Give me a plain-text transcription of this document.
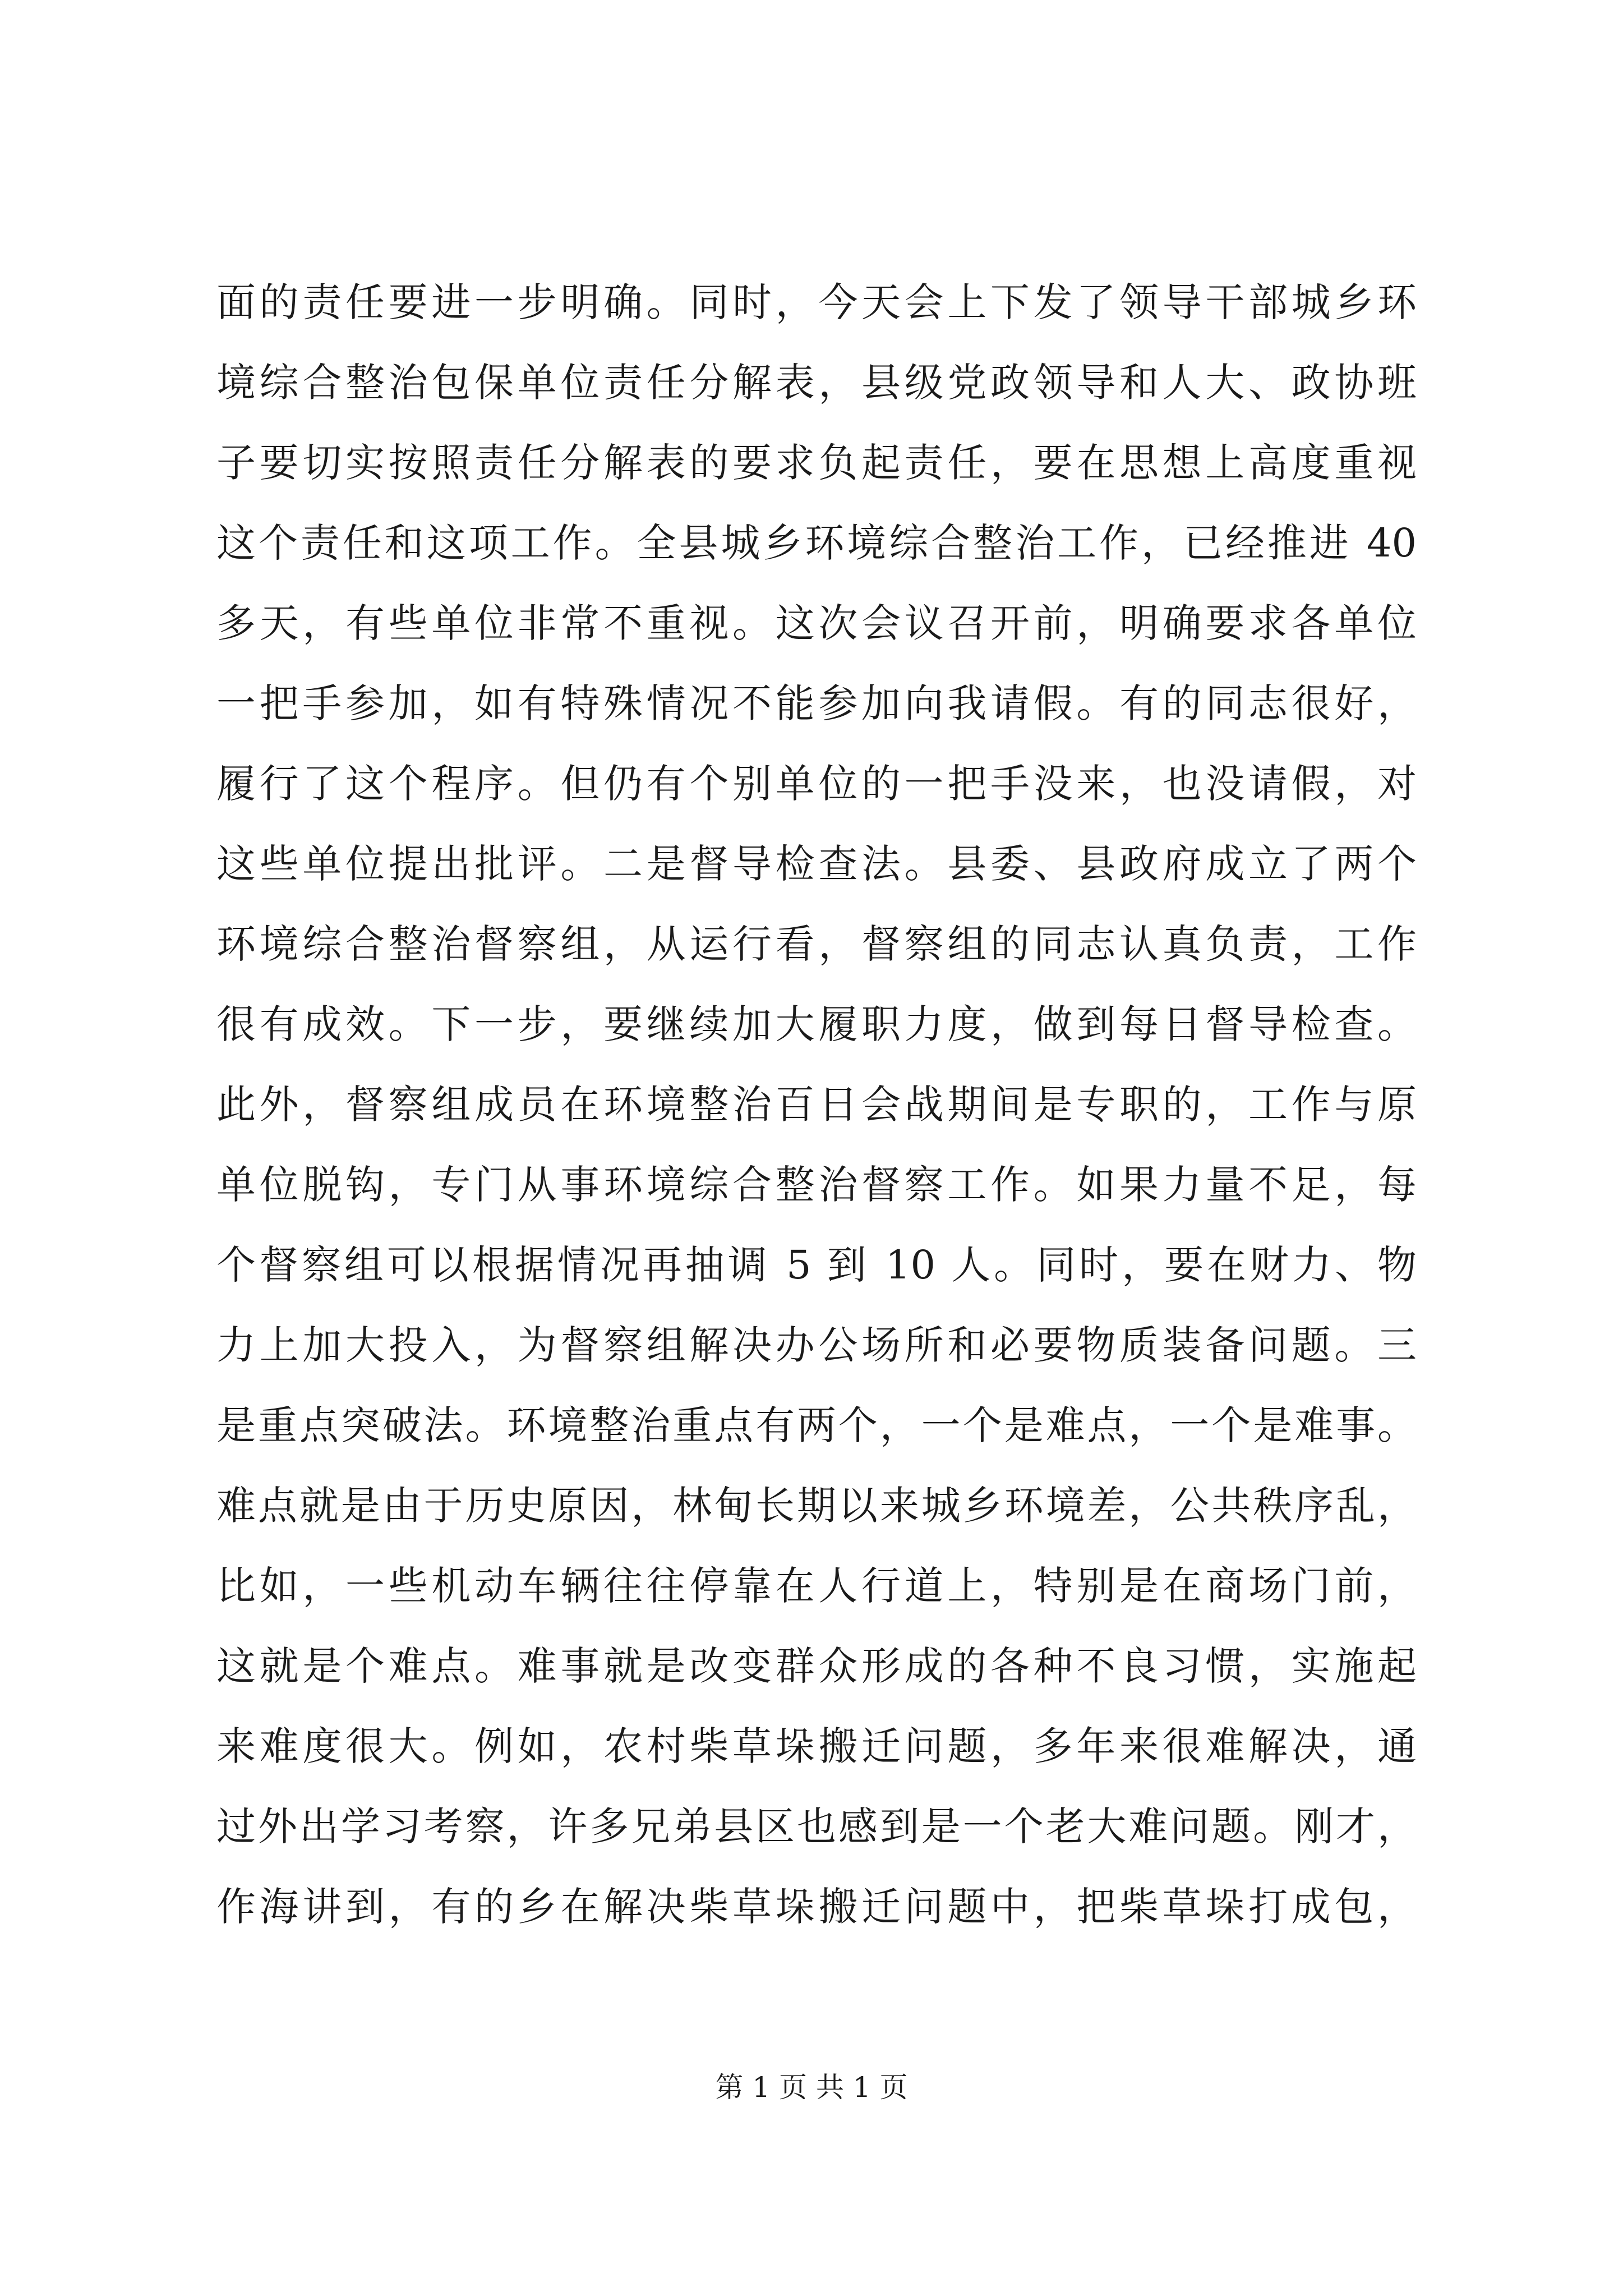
面的责任要进一步明确。同时，今天会上下发了领导干部城乡环
境综合整治包保单位责任分解表，县级党政领导和人大、政协班
子要切实按照责任分解表的要求负起责任，要在思想上高度重视
这个责任和这项工作。全县城乡环境综合整治工作，已经推进 40
多天，有些单位非常不重视。这次会议召开前，明确要求各单位
一把手参加，如有特殊情况不能参加向我请假。有的同志很好，
履行了这个程序。但仍有个别单位的一把手没来，也没请假，对
这些单位提出批评。二是督导检查法。县委、县政府成立了两个
环境综合整治督察组，从运行看，督察组的同志认真负责，工作
很有成效。下一步，要继续加大履职力度，做到每日督导检查。
此外，督察组成员在环境整治百日会战期间是专职的，工作与原
单位脱钩，专门从事环境综合整治督察工作。如果力量不足，每
个督察组可以根据情况再抽调 5 到 10 人。同时，要在财力、物
力上加大投入，为督察组解决办公场所和必要物质装备问题。三
是重点突破法。环境整治重点有两个，一个是难点，一个是难事。
难点就是由于历史原因，林甸长期以来城乡环境差，公共秩序乱，
比如，一些机动车辆往往停靠在人行道上，特别是在商场门前，
这就是个难点。难事就是改变群众形成的各种不良习惯，实施起
来难度很大。例如，农村柴草垛搬迁问题，多年来很难解决，通
过外出学习考察，许多兄弟县区也感到是一个老大难问题。刚才，
作海讲到，有的乡在解决柴草垛搬迁问题中，把柴草垛打成包，
第 1 页 共 1 页
